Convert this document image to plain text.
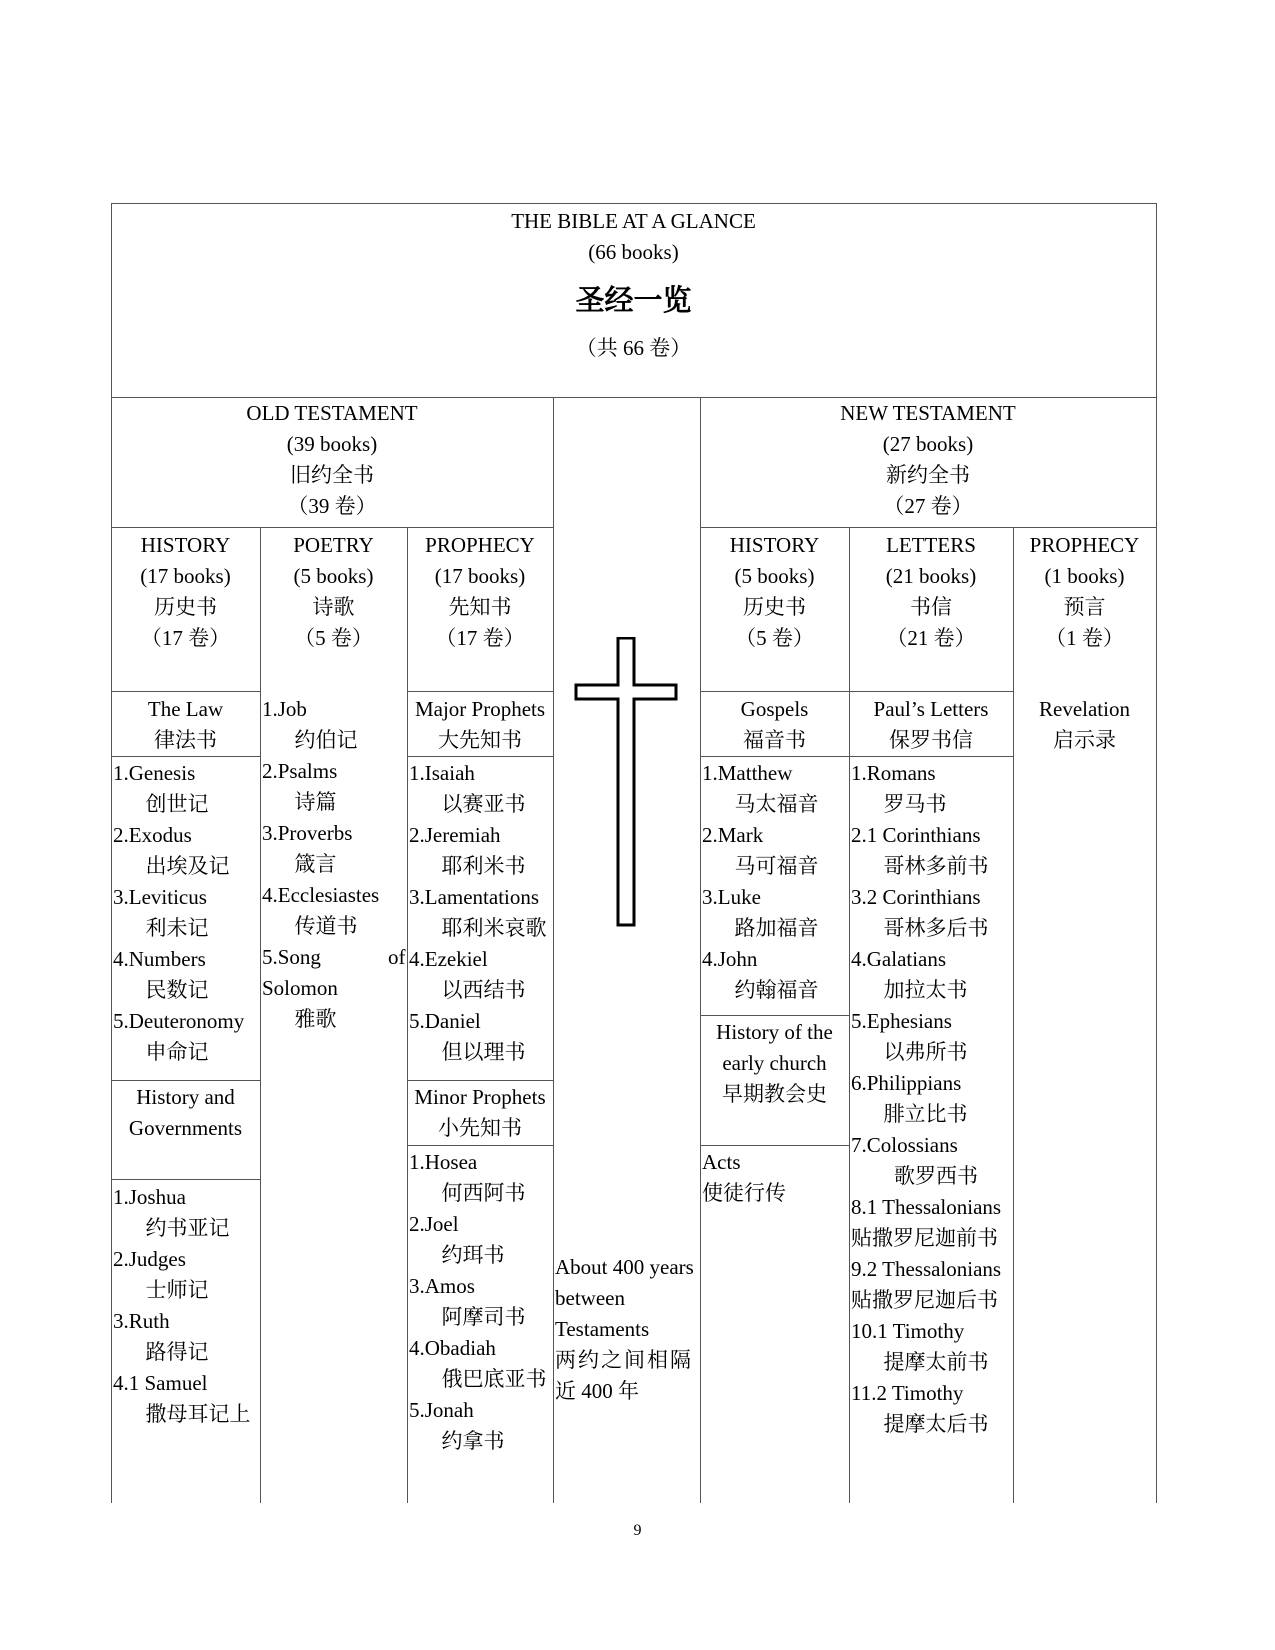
THE BIBLE AT A GLANCE
(66 books)
圣经一览
（共 66 卷）
OLD TESTAMENT
(39 books)
旧约全书
（39 卷）
NEW TESTAMENT
(27 books)
新约全书
（27 卷）
HISTORY
(17 books)
历史书
（17 卷）
The Law
律法书
1.Genesis
创世记
2.Exodus
出埃及记
3.Leviticus
利未记
4.Numbers
民数记
5.Deuteronomy
申命记
History and
Governments
1.Joshua
约书亚记
2.Judges
士师记
3.Ruth
路得记
4.1 Samuel
撒母耳记上
POETRY
(5 books)
诗歌
（5 卷）
1.Job
约伯记
2.Psalms
诗篇
3.Proverbs
箴言
4.Ecclesiastes
传道书
5.Song	of
Solomon
雅歌
PROPHECY
(17 books)
先知书
（17 卷）
Major Prophets
大先知书
1.Isaiah
以赛亚书
2.Jeremiah
耶利米书
3.Lamentations
耶利米哀歌
4.Ezekiel
以西结书
5.Daniel
但以理书
Minor Prophets
小先知书
1.Hosea
何西阿书
2.Joel
约珥书
3.Amos
阿摩司书
4.Obadiah
俄巴底亚书
5.Jonah
约拿书
About 400 years
between
Testaments
两约之间相隔
近 400 年
HISTORY
(5 books)
历史书
（5 卷）
Gospels
福音书
1.Matthew
马太福音
2.Mark
马可福音
3.Luke
路加福音
4.John
约翰福音
History of the
early church
早期教会史
Acts
使徒行传
LETTERS
(21 books)
书信
（21 卷）
Paul’s Letters
保罗书信
1.Romans
罗马书
2.1 Corinthians
哥林多前书
3.2 Corinthians
哥林多后书
4.Galatians
加拉太书
5.Ephesians
以弗所书
6.Philippians
腓立比书
7.Colossians
歌罗西书
8.1 Thessalonians
贴撒罗尼迦前书
9.2 Thessalonians
贴撒罗尼迦后书
10.1 Timothy
提摩太前书
11.2 Timothy
提摩太后书
PROPHECY
(1 books)
预言
（1 卷）
Revelation
启示录
9
